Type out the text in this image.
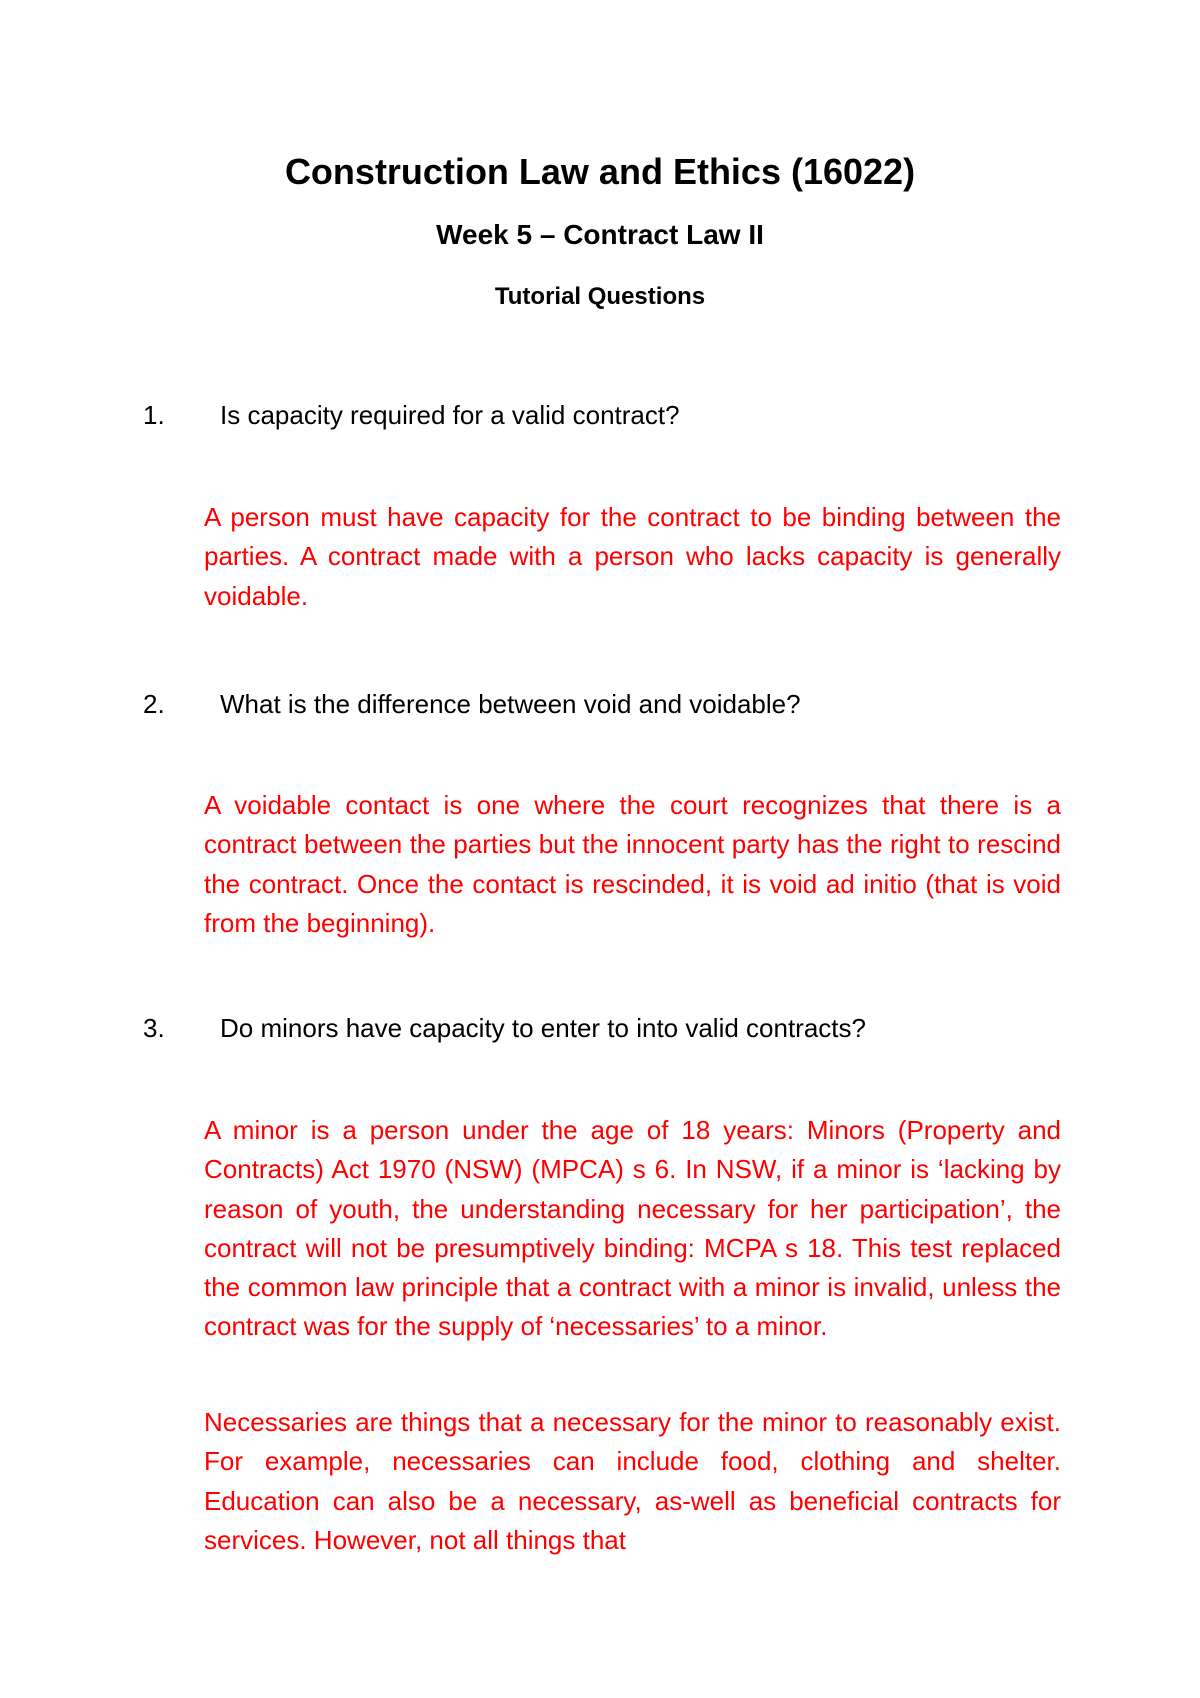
Construction Law and Ethics (16022)
Week 5 – Contract Law II
Tutorial Questions
1. Is capacity required for a valid contract?

A person must have capacity for the contract to be binding between the parties. A contract made with a person who lacks capacity is generally voidable.

2. What is the difference between void and voidable?

A voidable contact is one where the court recognizes that there is a contract between the parties but the innocent party has the right to rescind the contract. Once the contact is rescinded, it is void ad initio (that is void from the beginning).

3. Do minors have capacity to enter to into valid contracts?

A minor is a person under the age of 18 years: Minors (Property and Contracts) Act 1970 (NSW) (MPCA) s 6. In NSW, if a minor is ‘lacking by reason of youth, the understanding necessary for her participation’, the contract will not be presumptively binding: MCPA s 18. This test replaced the common law principle that a contract with a minor is invalid, unless the contract was for the supply of ‘necessaries’ to a minor.

Necessaries are things that a necessary for the minor to reasonably exist. For example, necessaries can include food, clothing and shelter. Education can also be a necessary, as-well as beneficial contracts for services. However, not all things that
